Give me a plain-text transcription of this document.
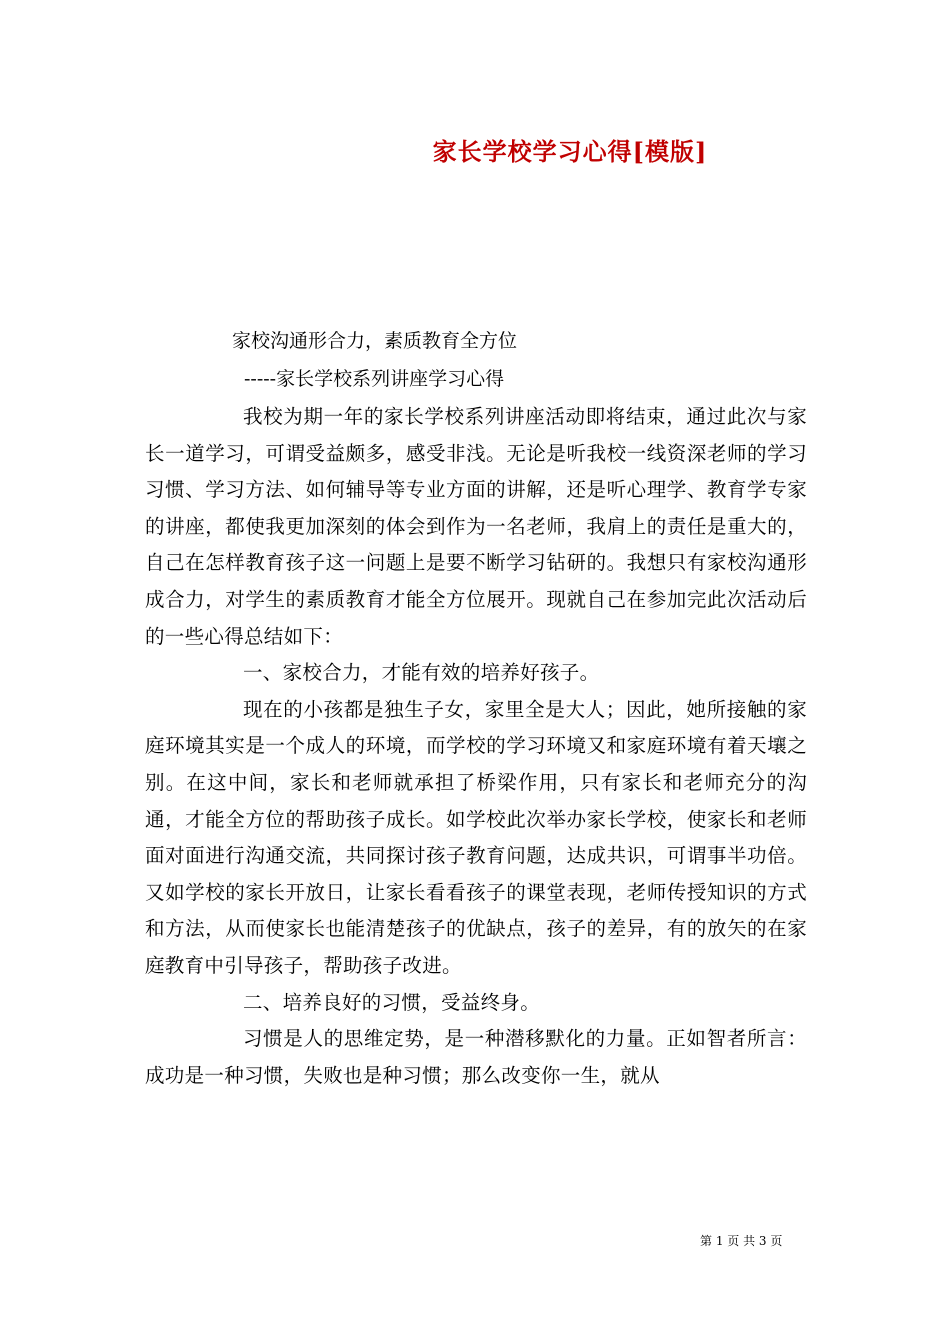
家长学校学习心得[模版]
家校沟通形合力，素质教育全方位
-----家长学校系列讲座学习心得

我校为期一年的家长学校系列讲座活动即将结束，通过此次与家长一道学习，可谓受益颇多，感受非浅。无论是听我校一线资深老师的学习习惯、学习方法、如何辅导等专业方面的讲解，还是听心理学、教育学专家的讲座，都使我更加深刻的体会到作为一名老师，我肩上的责任是重大的，自己在怎样教育孩子这一问题上是要不断学习钻研的。我想只有家校沟通形成合力，对学生的素质教育才能全方位展开。现就自己在参加完此次活动后的一些心得总结如下：

一、家校合力，才能有效的培养好孩子。

现在的小孩都是独生子女，家里全是大人；因此，她所接触的家庭环境其实是一个成人的环境，而学校的学习环境又和家庭环境有着天壤之别。在这中间，家长和老师就承担了桥梁作用，只有家长和老师充分的沟通，才能全方位的帮助孩子成长。如学校此次举办家长学校，使家长和老师面对面进行沟通交流，共同探讨孩子教育问题，达成共识，可谓事半功倍。又如学校的家长开放日，让家长看看孩子的课堂表现，老师传授知识的方式和方法，从而使家长也能清楚孩子的优缺点，孩子的差异，有的放矢的在家庭教育中引导孩子，帮助孩子改进。

二、培养良好的习惯，受益终身。

习惯是人的思维定势，是一种潜移默化的力量。正如智者所言：成功是一种习惯，失败也是种习惯；那么改变你一生，就从

第 1 页 共 3 页
